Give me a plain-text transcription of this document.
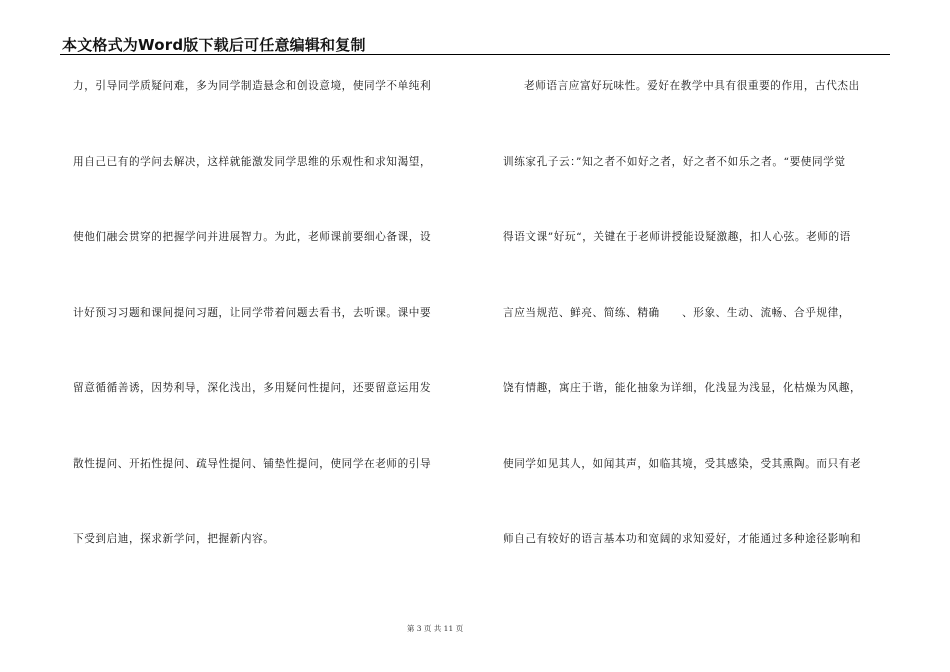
本文格式为Word版下载后可任意编辑和复制
力，引导同学质疑问难，多为同学制造悬念和创设意境，使同学不单纯利
用自己已有的学问去解决，这样就能激发同学思维的乐观性和求知渴望，
使他们融会贯穿的把握学问并进展智力。为此，老师课前要细心备课，设
计好预习习题和课间提问习题，让同学带着问题去看书，去听课。课中要
留意循循善诱，因势利导，深化浅出，多用疑问性提问，还要留意运用发
散性提问、开拓性提问、疏导性提问、铺垫性提问，使同学在老师的引导
下受到启迪，探求新学问，把握新内容。
老师语言应富好玩味性。爱好在教学中具有很重要的作用，古代杰出
训练家孔子云：”知之者不如好之者，好之者不如乐之者。“要使同学觉
得语文课”好玩“，关键在于老师讲授能设疑激趣，扣人心弦。老师的语
言应当规范、鲜亮、简练、精确　　、形象、生动、流畅、合乎规律，
饶有情趣，寓庄于谐，能化抽象为详细，化浅显为浅显，化枯燥为风趣，
使同学如见其人，如闻其声，如临其境，受其感染，受其熏陶。而只有老
师自己有较好的语言基本功和宽阔的求知爱好，才能通过多种途径影响和
第 3 页 共 11 页
